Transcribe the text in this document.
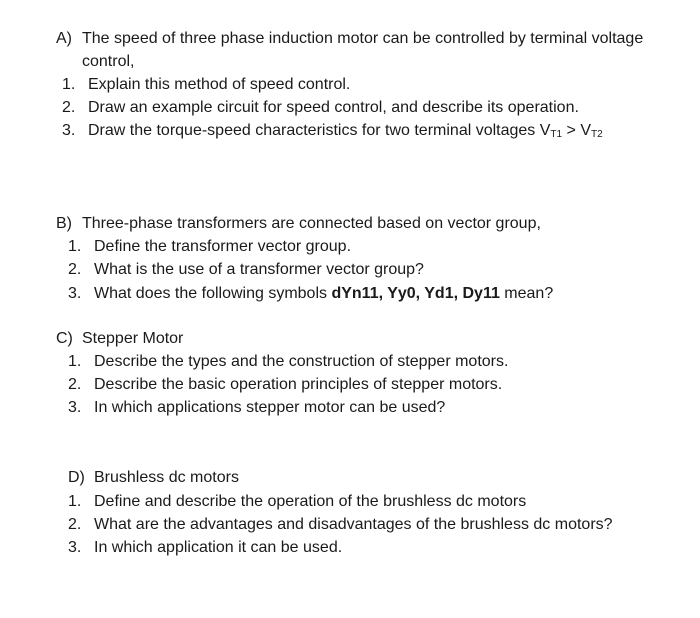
A) The speed of three phase induction motor can be controlled by terminal voltage
control,
1. Explain this method of speed control.
2. Draw an example circuit for speed control, and describe its operation.
3. Draw the torque-speed characteristics for two terminal voltages $V_{T1} > V_{T2}$
B) Three-phase transformers are connected based on vector group,
1. Define the transformer vector group.
2. What is the use of a transformer vector group?
3. What does the following symbols dYn11, Yy0, Yd1, Dy11 mean?
C) Stepper Motor
1. Describe the types and the construction of stepper motors.
2. Describe the basic operation principles of stepper motors.
3. In which applications stepper motor can be used?
D) Brushless dc motors
1. Define and describe the operation of the brushless dc motors
2. What are the advantages and disadvantages of the brushless dc motors?
3. In which application it can be used.
